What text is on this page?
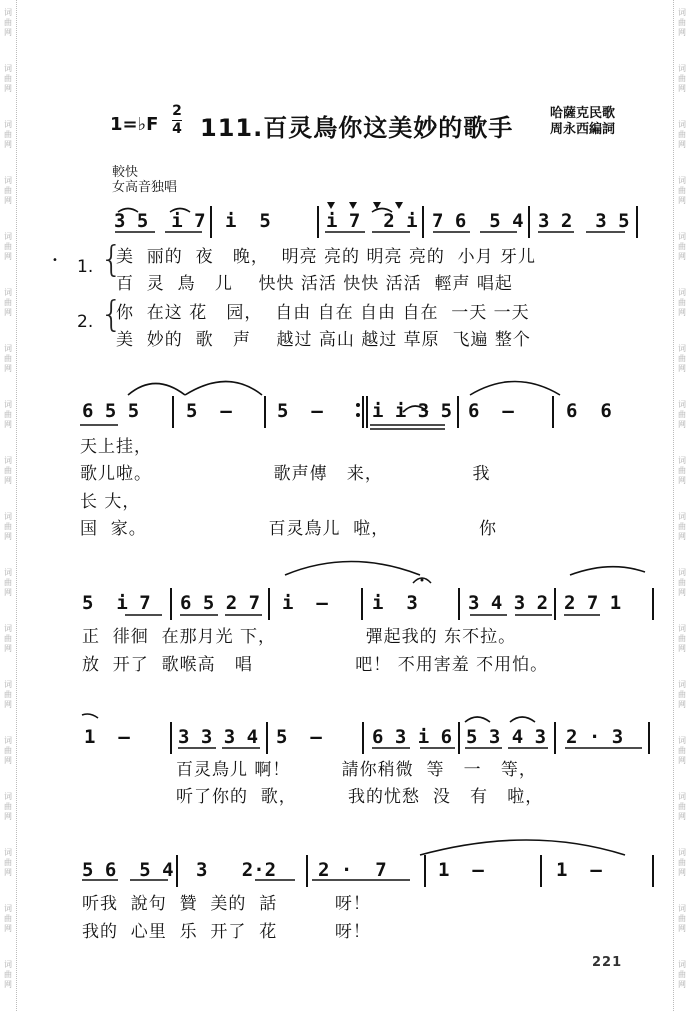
词
曲
网
词
曲
网
词
曲
网
词
曲
网
词
曲
网
词
曲
网
词
曲
网
词
曲
网
词
曲
网
词
曲
网
词
曲
网
词
曲
网
词
曲
网
词
曲
网
词
曲
网
词
曲
网
词
曲
网
词
曲
网
词
曲
网
词
曲
网
词
曲
网
词
曲
网
词
曲
网
词
曲
网
词
曲
网
词
曲
网
词
曲
网
词
曲
网
词
曲
网
词
曲
网
词
曲
网
词
曲
网
词
曲
网
词
曲
网
词
曲
网
词
曲
网
1=♭F
2
4 111.百灵鳥你这美妙的歌手
哈薩克民歌
周永西編詞
較快
女高音独唱
3 5  i 7 i  5	i 7  2 i 7 6  5 4 3 2  3 5
• 1. {
2. {
美  丽的  夜   晚，  明亮 亮的 明亮 亮的  小月 牙儿
百  灵  鳥   儿    快快 活活 快快 活活  輕声 唱起
你  在这 花   园，  自由 自在 自由 自在  一天 一天
美  妙的  歌   声    越过 高山 越过 草原  飞遍 整个
6 5 5 5  – 5  –	i i 3 5 6  –	6  6
天上挂，
歌儿啦。                   歌声傳   来，              我
长 大，
国  家。                   百灵鳥儿  啦，              你
5  i 7 6 5 2 7 i  – i  3	3 4 3 2 2 7 1
正  徘徊  在那月光 下，              彈起我的 东不拉。
放  开了  歌喉高   唱                吧！ 不用害羞 不用怕。
1  –	3 3 3 4 5  –	6 3 i 6 5 3 4 3 2 · 3
百灵鳥儿 啊！        請你稍微  等   一   等，
听了你的  歌，        我的忧愁  没   有   啦，
5 6  5 4 3   2·2 2 ·  7	1  –	1  –
听我  說句  贊  美的  話         呀！
我的  心里  乐  开了  花         呀！
221
